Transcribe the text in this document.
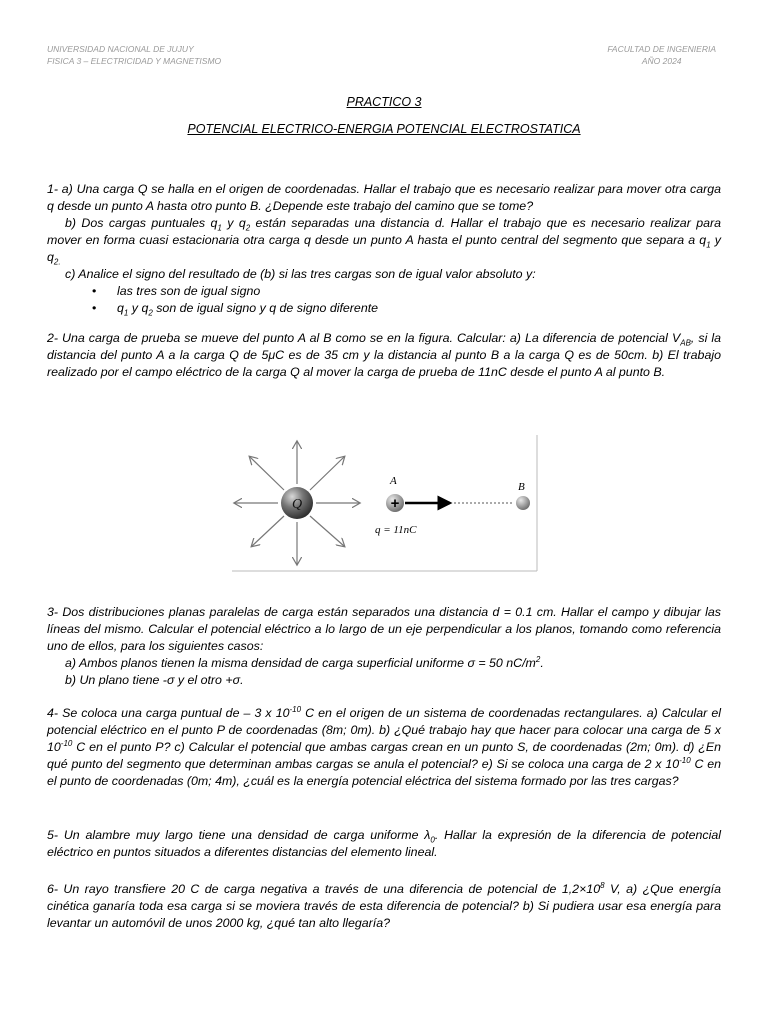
UNIVERSIDAD NACIONAL DE JUJUY
FISICA 3 – ELECTRICIDAD Y MAGNETISMO
FACULTAD DE INGENIERIA
AÑO 2024
PRACTICO 3
POTENCIAL ELECTRICO-ENERGIA POTENCIAL ELECTROSTATICA
1- a) Una carga Q se halla en el origen de coordenadas. Hallar el trabajo que es necesario realizar para mover otra carga q desde un punto A hasta otro punto B. ¿Depende este trabajo del camino que se tome?
b) Dos cargas puntuales $q_1$ y $q_2$ están separadas una distancia d. Hallar el trabajo que es necesario realizar para mover en forma cuasi estacionaria otra carga q desde un punto A hasta el punto central del segmento que separa a $q_1$ y $q_{2.}$
c) Analice el signo del resultado de (b) si las tres cargas son de igual valor absoluto y:
• las tres son de igual signo
• $q_1$ y $q_2$ son de igual signo y q de signo diferente
2- Una carga de prueba se mueve del punto A al B como se en la figura. Calcular: a) La diferencia de potencial $V_{AB}$, si la distancia del punto A a la carga Q de 5μC es de 35 cm y la distancia al punto B a la carga Q es de 50cm. b) El trabajo realizado por el campo eléctrico de la carga Q al mover la carga de prueba de 11nC desde el punto A al punto B.
Q
A
+
B
q = 11nC
3- Dos distribuciones planas paralelas de carga están separados una distancia d = 0.1 cm. Hallar el campo y dibujar las líneas del mismo. Calcular el potencial eléctrico a lo largo de un eje perpendicular a los planos, tomando como referencia uno de ellos, para los siguientes casos:
a) Ambos planos tienen la misma densidad de carga superficial uniforme σ = 50 $nC/m^2$.
b) Un plano tiene -σ y el otro +σ.
4- Se coloca una carga puntual de – 3 x $10^{-10}$ C en el origen de un sistema de coordenadas rectangulares. a) Calcular el potencial eléctrico en el punto P de coordenadas (8m; 0m). b) ¿Qué trabajo hay que hacer para colocar una carga de 5 x $10^{-10}$ C en el punto P? c) Calcular el potencial que ambas cargas crean en un punto S, de coordenadas (2m; 0m). d) ¿En qué punto del segmento que determinan ambas cargas se anula el potencial? e) Si se coloca una carga de 2 x $10^{-10}$ C en el punto de coordenadas (0m; 4m), ¿cuál es la energía potencial eléctrica del sistema formado por las tres cargas?
5- Un alambre muy largo tiene una densidad de carga uniforme $\lambda_0$. Hallar la expresión de la diferencia de potencial eléctrico en puntos situados a diferentes distancias del elemento lineal.
6- Un rayo transfiere 20 C de carga negativa a través de una diferencia de potencial de $1,2\times 10^8$ V, a) ¿Que energía cinética ganaría toda esa carga si se moviera través de esta diferencia de potencial? b) Si pudiera usar esa energía para levantar un automóvil de unos 2000 kg, ¿qué tan alto llegaría?
